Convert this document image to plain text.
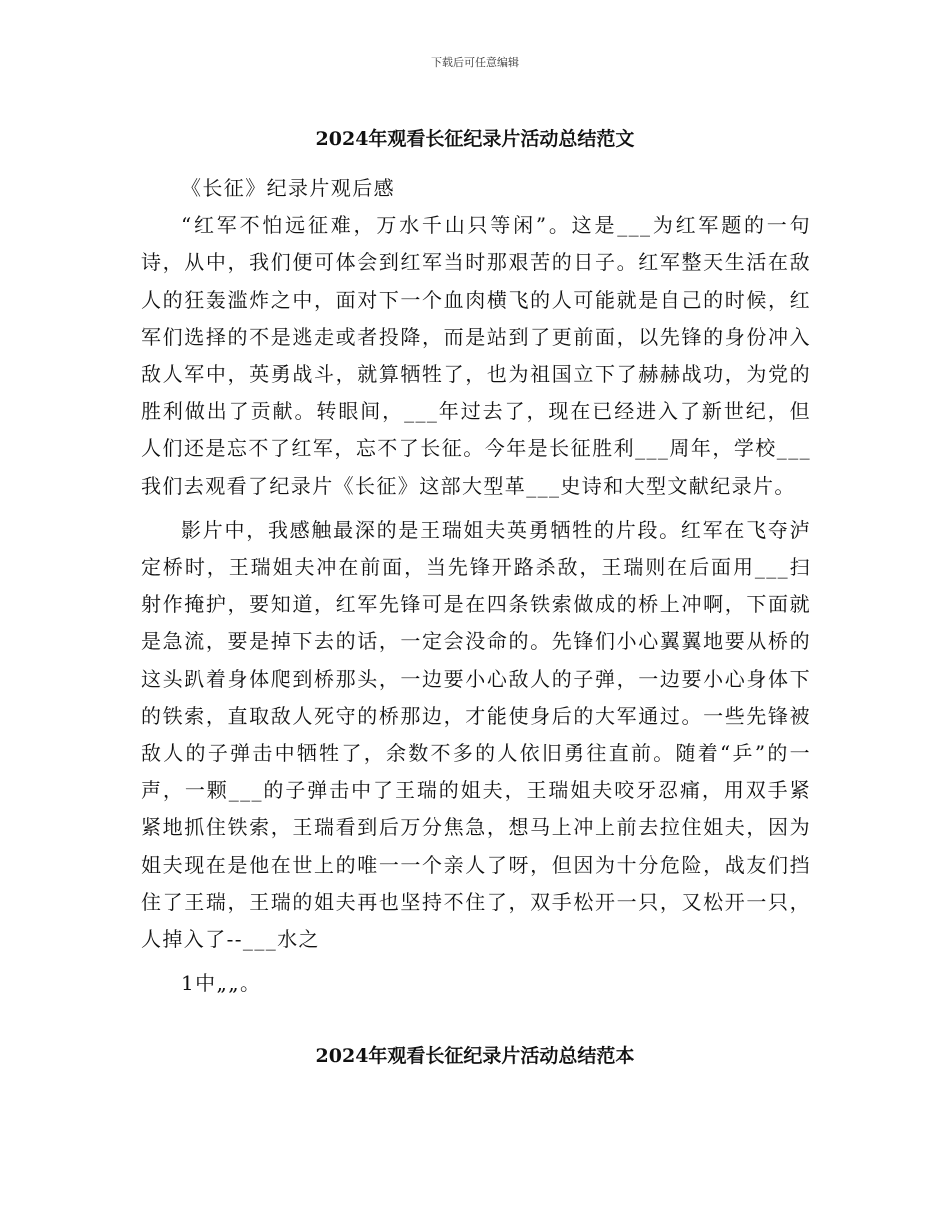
下载后可任意编辑
2024年观看长征纪录片活动总结范文

《长征》纪录片观后感

“红军不怕远征难，万水千山只等闲”。这是___为红军题的一句诗，从中，我们便可体会到红军当时那艰苦的日子。红军整天生活在敌人的狂轰滥炸之中，面对下一个血肉横飞的人可能就是自己的时候，红军们选择的不是逃走或者投降，而是站到了更前面，以先锋的身份冲入敌人军中，英勇战斗，就算牺牲了，也为祖国立下了赫赫战功，为党的胜利做出了贡献。转眼间，___年过去了，现在已经进入了新世纪，但人们还是忘不了红军，忘不了长征。今年是长征胜利___周年，学校___我们去观看了纪录片《长征》这部大型革___史诗和大型文献纪录片。

影片中，我感触最深的是王瑞姐夫英勇牺牲的片段。红军在飞夺泸定桥时，王瑞姐夫冲在前面，当先锋开路杀敌，王瑞则在后面用___扫射作掩护，要知道，红军先锋可是在四条铁索做成的桥上冲啊，下面就是急流，要是掉下去的话，一定会没命的。先锋们小心翼翼地要从桥的这头趴着身体爬到桥那头，一边要小心敌人的子弹，一边要小心身体下的铁索，直取敌人死守的桥那边，才能使身后的大军通过。一些先锋被敌人的子弹击中牺牲了，余数不多的人依旧勇往直前。随着“乒”的一声，一颗___的子弹击中了王瑞的姐夫，王瑞姐夫咬牙忍痛，用双手紧紧地抓住铁索，王瑞看到后万分焦急，想马上冲上前去拉住姐夫，因为姐夫现在是他在世上的唯一一个亲人了呀，但因为十分危险，战友们挡住了王瑞，王瑞的姐夫再也坚持不住了，双手松开一只，又松开一只，人掉入了--___水之

1中„„。

2024年观看长征纪录片活动总结范本
